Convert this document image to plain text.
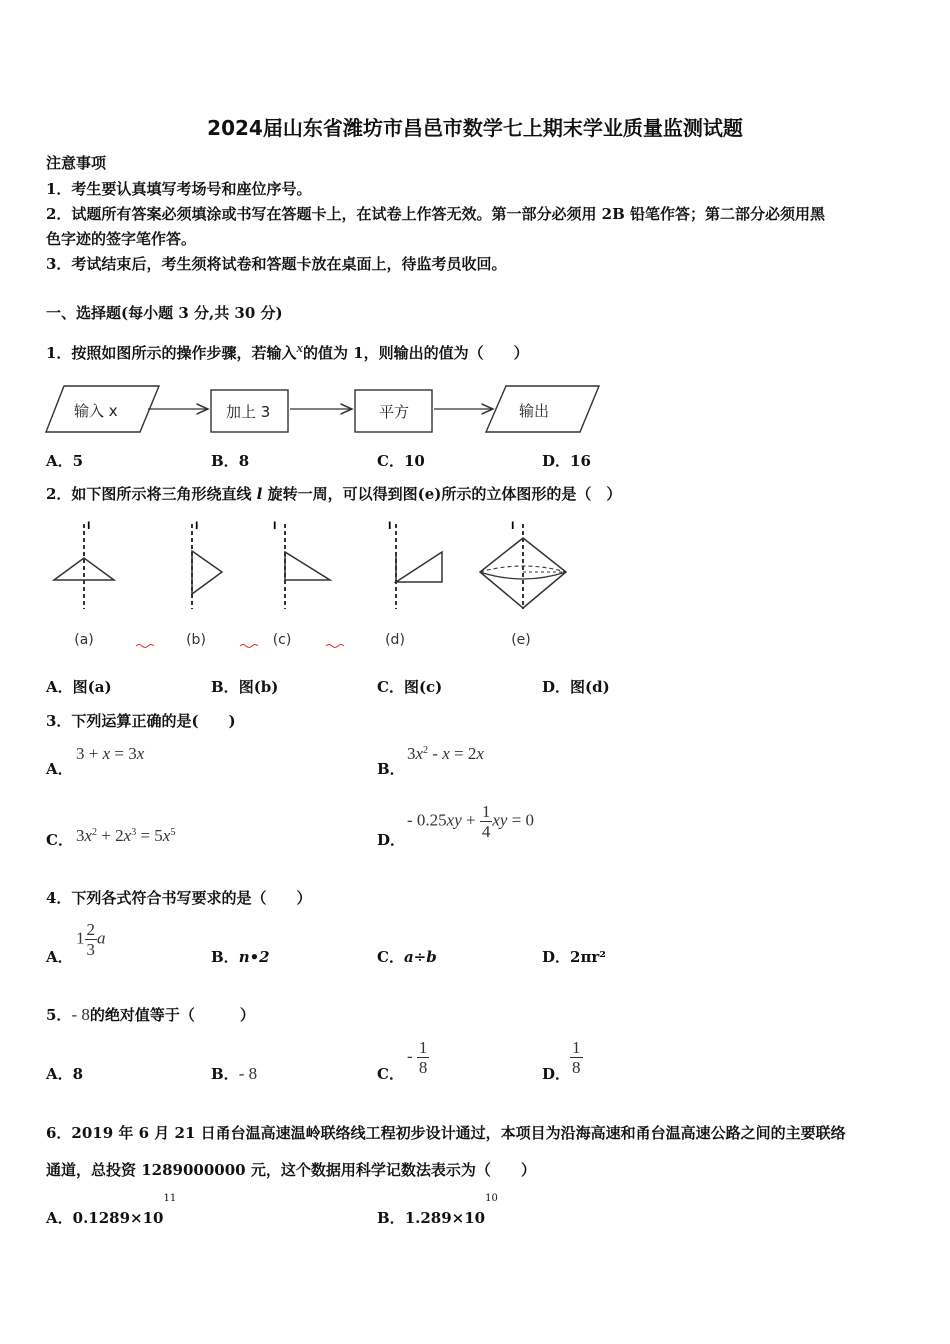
2024届山东省潍坊市昌邑市数学七上期末学业质量监测试题
注意事项
1．考生要认真填写考场号和座位序号。
2．试题所有答案必须填涂或书写在答题卡上，在试卷上作答无效。第一部分必须用 2B 铅笔作答；第二部分必须用黑
色字迹的签字笔作答。
3．考试结束后，考生须将试卷和答题卡放在桌面上，待监考员收回。
一、选择题(每小题 3 分,共 30 分)
1．按照如图所示的操作步骤，若输入$^x$的值为 1，则输出的值为（　　）
输入 x	加上 3	平方	输出
A．5	B．8	C．10	D．16
2．如下图所示将三角形绕直线 l 旋转一周，可以得到图(e)所示的立体图形的是（　）
l
(a)
l
(b)
l
(c)
l
(d)
l
(e)
A．图(a)	B．图(b)	C．图(c)	D．图(d)
3．下列运算正确的是(　　)
A．
3 + x = 3x
B．
$3x^2 - x = 2x$
C． $3x^2 + 2x^3 = 5x^5$	D．
- $0.25xy + \frac{1}{4}$ xy = 0
4．下列各式符合书写要求的是（　　）
A．
$1 \frac{2}{3}$ a
B．n•2	C．a÷b	D．2πr²
5．- 8的绝对值等于（　　　）
A．8	B．- 8	C．
- $\frac{1}{8}$	D． $\frac{1}{8}$
6．2019 年 6 月 21 日甬台温高速温岭联络线工程初步设计通过，本项目为沿海高速和甬台温高速公路之间的主要联络
通道，总投资 1289000000 元，这个数据用科学记数法表示为（　　）
A．$0.1289\times 10^{11}$
B．$1.289\times 10^{10}$
